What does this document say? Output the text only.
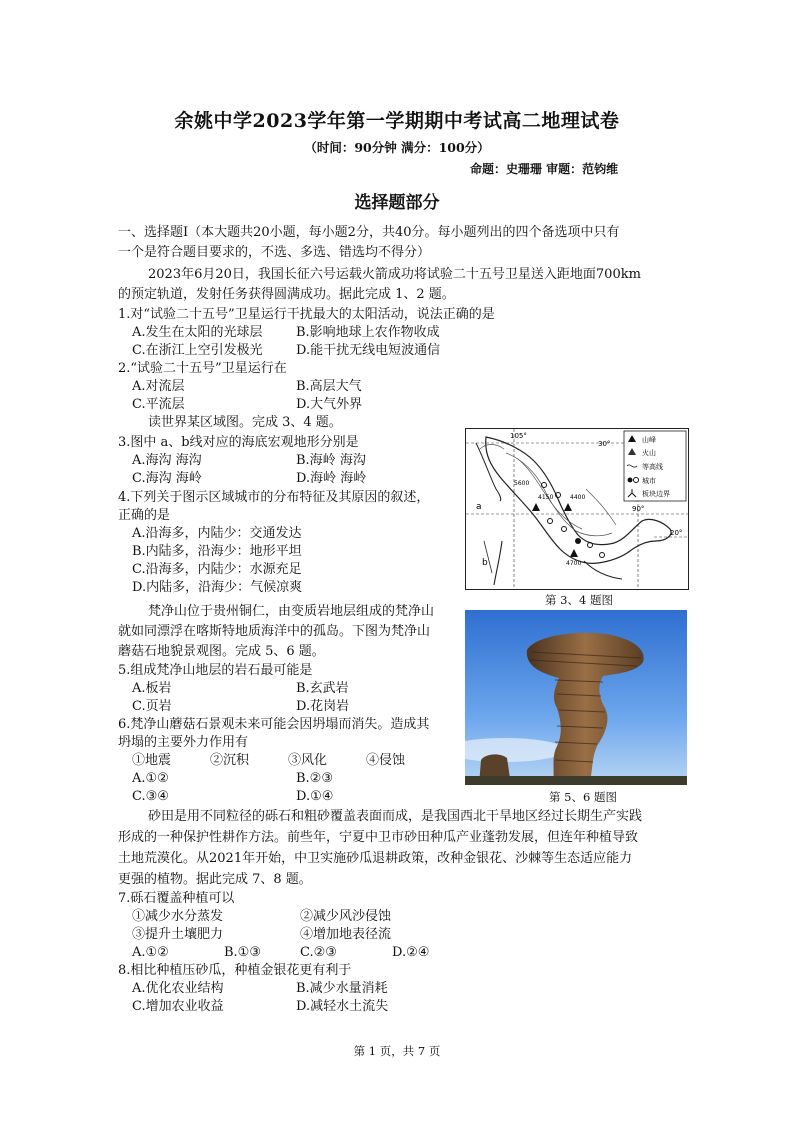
余姚中学2023学年第一学期期中考试高二地理试卷
（时间：90分钟 满分：100分）
命题：史珊珊 审题：范钧维
选择题部分
一、选择题Ⅰ（本大题共20小题，每小题2分，共40分。每小题列出的四个备选项中只有
一个是符合题目要求的，不选、多选、错选均不得分）
2023年6月20日，我国长征六号运载火箭成功将试验二十五号卫星送入距地面700km
的预定轨道，发射任务获得圆满成功。据此完成 1、2 题。
1.对“试验二十五号”卫星运行干扰最大的太阳活动，说法正确的是
A.发生在太阳的光球层	B.影响地球上农作物收成
C.在浙江上空引发极光	D.能干扰无线电短波通信
2.“试验二十五号”卫星运行在
A.对流层	B.高层大气
C.平流层	D.大气外界
读世界某区域图。完成 3、4 题。
3.图中 a、b线对应的海底宏观地形分别是
A.海沟 海沟	B.海岭 海沟
C.海沟 海岭	D.海岭 海岭
4.下列关于图示区域城市的分布特征及其原因的叙述，
正确的是
A.沿海多，内陆少：交通发达
B.内陆多，沿海少：地形平坦
C.沿海多，内陆少：水源充足
D.内陆多，沿海少：气候凉爽
105°
30°
90°
20°
a
b
5600
4150	4400
4700
山峰
火山
等高线
城市
板块边界
第 3、4 题图
梵净山位于贵州铜仁，由变质岩地层组成的梵净山
就如同漂浮在喀斯特地质海洋中的孤岛。下图为梵净山
蘑菇石地貌景观图。完成 5、6 题。
第 5、6 题图
5.组成梵净山地层的岩石最可能是
A.板岩	B.玄武岩
C.页岩	D.花岗岩
6.梵净山蘑菇石景观未来可能会因坍塌而消失。造成其
坍塌的主要外力作用有
①地震	②沉积	③风化	④侵蚀
A.①②	B.②③
C.③④	D.①④
砂田是用不同粒径的砾石和粗砂覆盖表面而成，是我国西北干旱地区经过长期生产实践
形成的一种保护性耕作方法。前些年，宁夏中卫市砂田种瓜产业蓬勃发展，但连年种植导致
土地荒漠化。从2021年开始，中卫实施砂瓜退耕政策，改种金银花、沙棘等生态适应能力
更强的植物。据此完成 7、8 题。
7.砾石覆盖种植可以
①减少水分蒸发	②减少风沙侵蚀
③提升土壤肥力	④增加地表径流
A.①②	B.①③	C.②③	D.②④
8.相比种植压砂瓜，种植金银花更有利于
A.优化农业结构	B.减少水量消耗
C.增加农业收益	D.减轻水土流失
第 1 页，共 7 页
